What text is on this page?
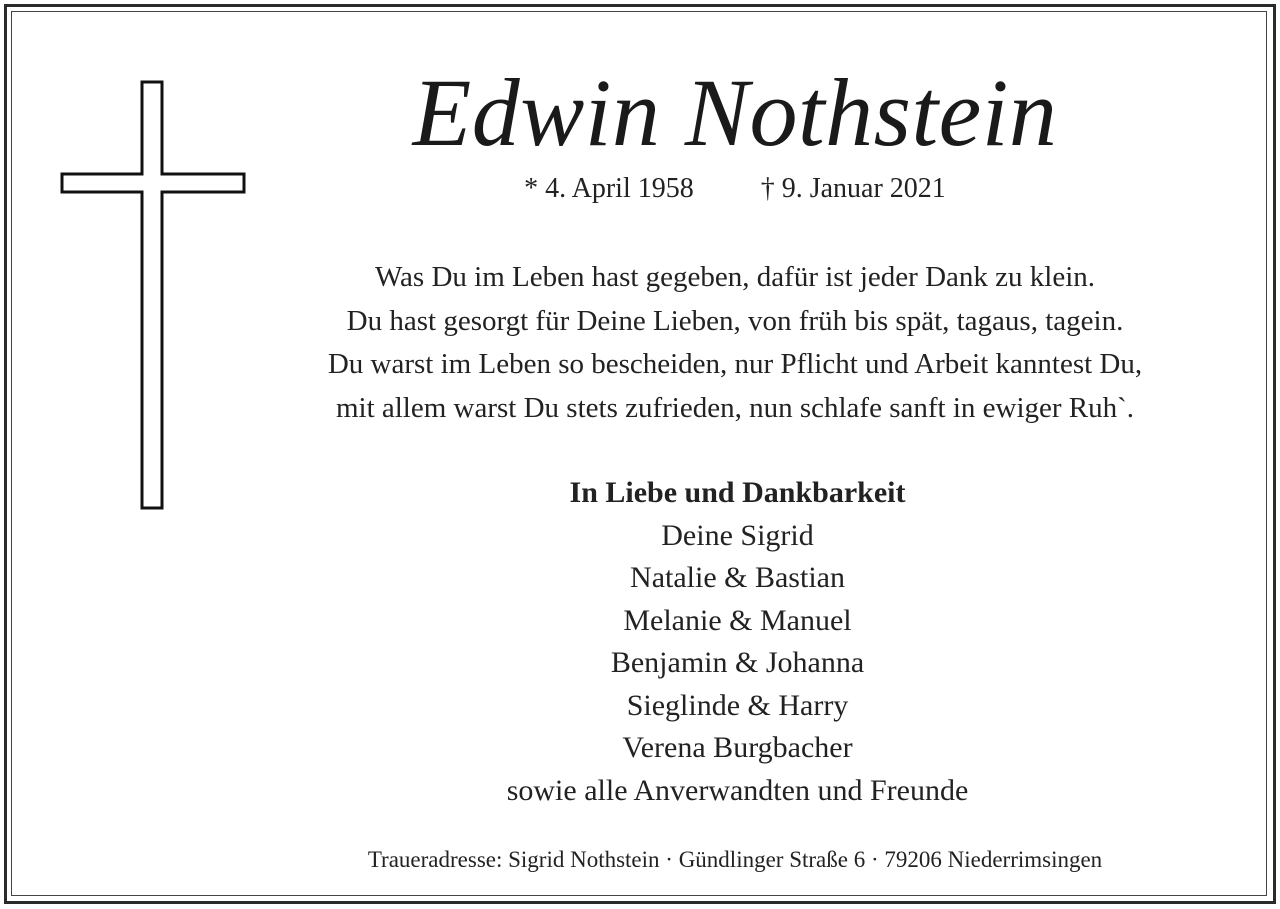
Edwin Nothstein
* 4. April 1958 † 9. Januar 2021
Was Du im Leben hast gegeben, dafür ist jeder Dank zu klein.
Du hast gesorgt für Deine Lieben, von früh bis spät, tagaus, tagein.
Du warst im Leben so bescheiden, nur Pflicht und Arbeit kanntest Du,
mit allem warst Du stets zufrieden, nun schlafe sanft in ewiger Ruh`.
In Liebe und Dankbarkeit
Deine Sigrid
Natalie & Bastian
Melanie & Manuel
Benjamin & Johanna
Sieglinde & Harry
Verena Burgbacher
sowie alle Anverwandten und Freunde
Traueradresse: Sigrid Nothstein · Gündlinger Straße 6 · 79206 Niederrimsingen
